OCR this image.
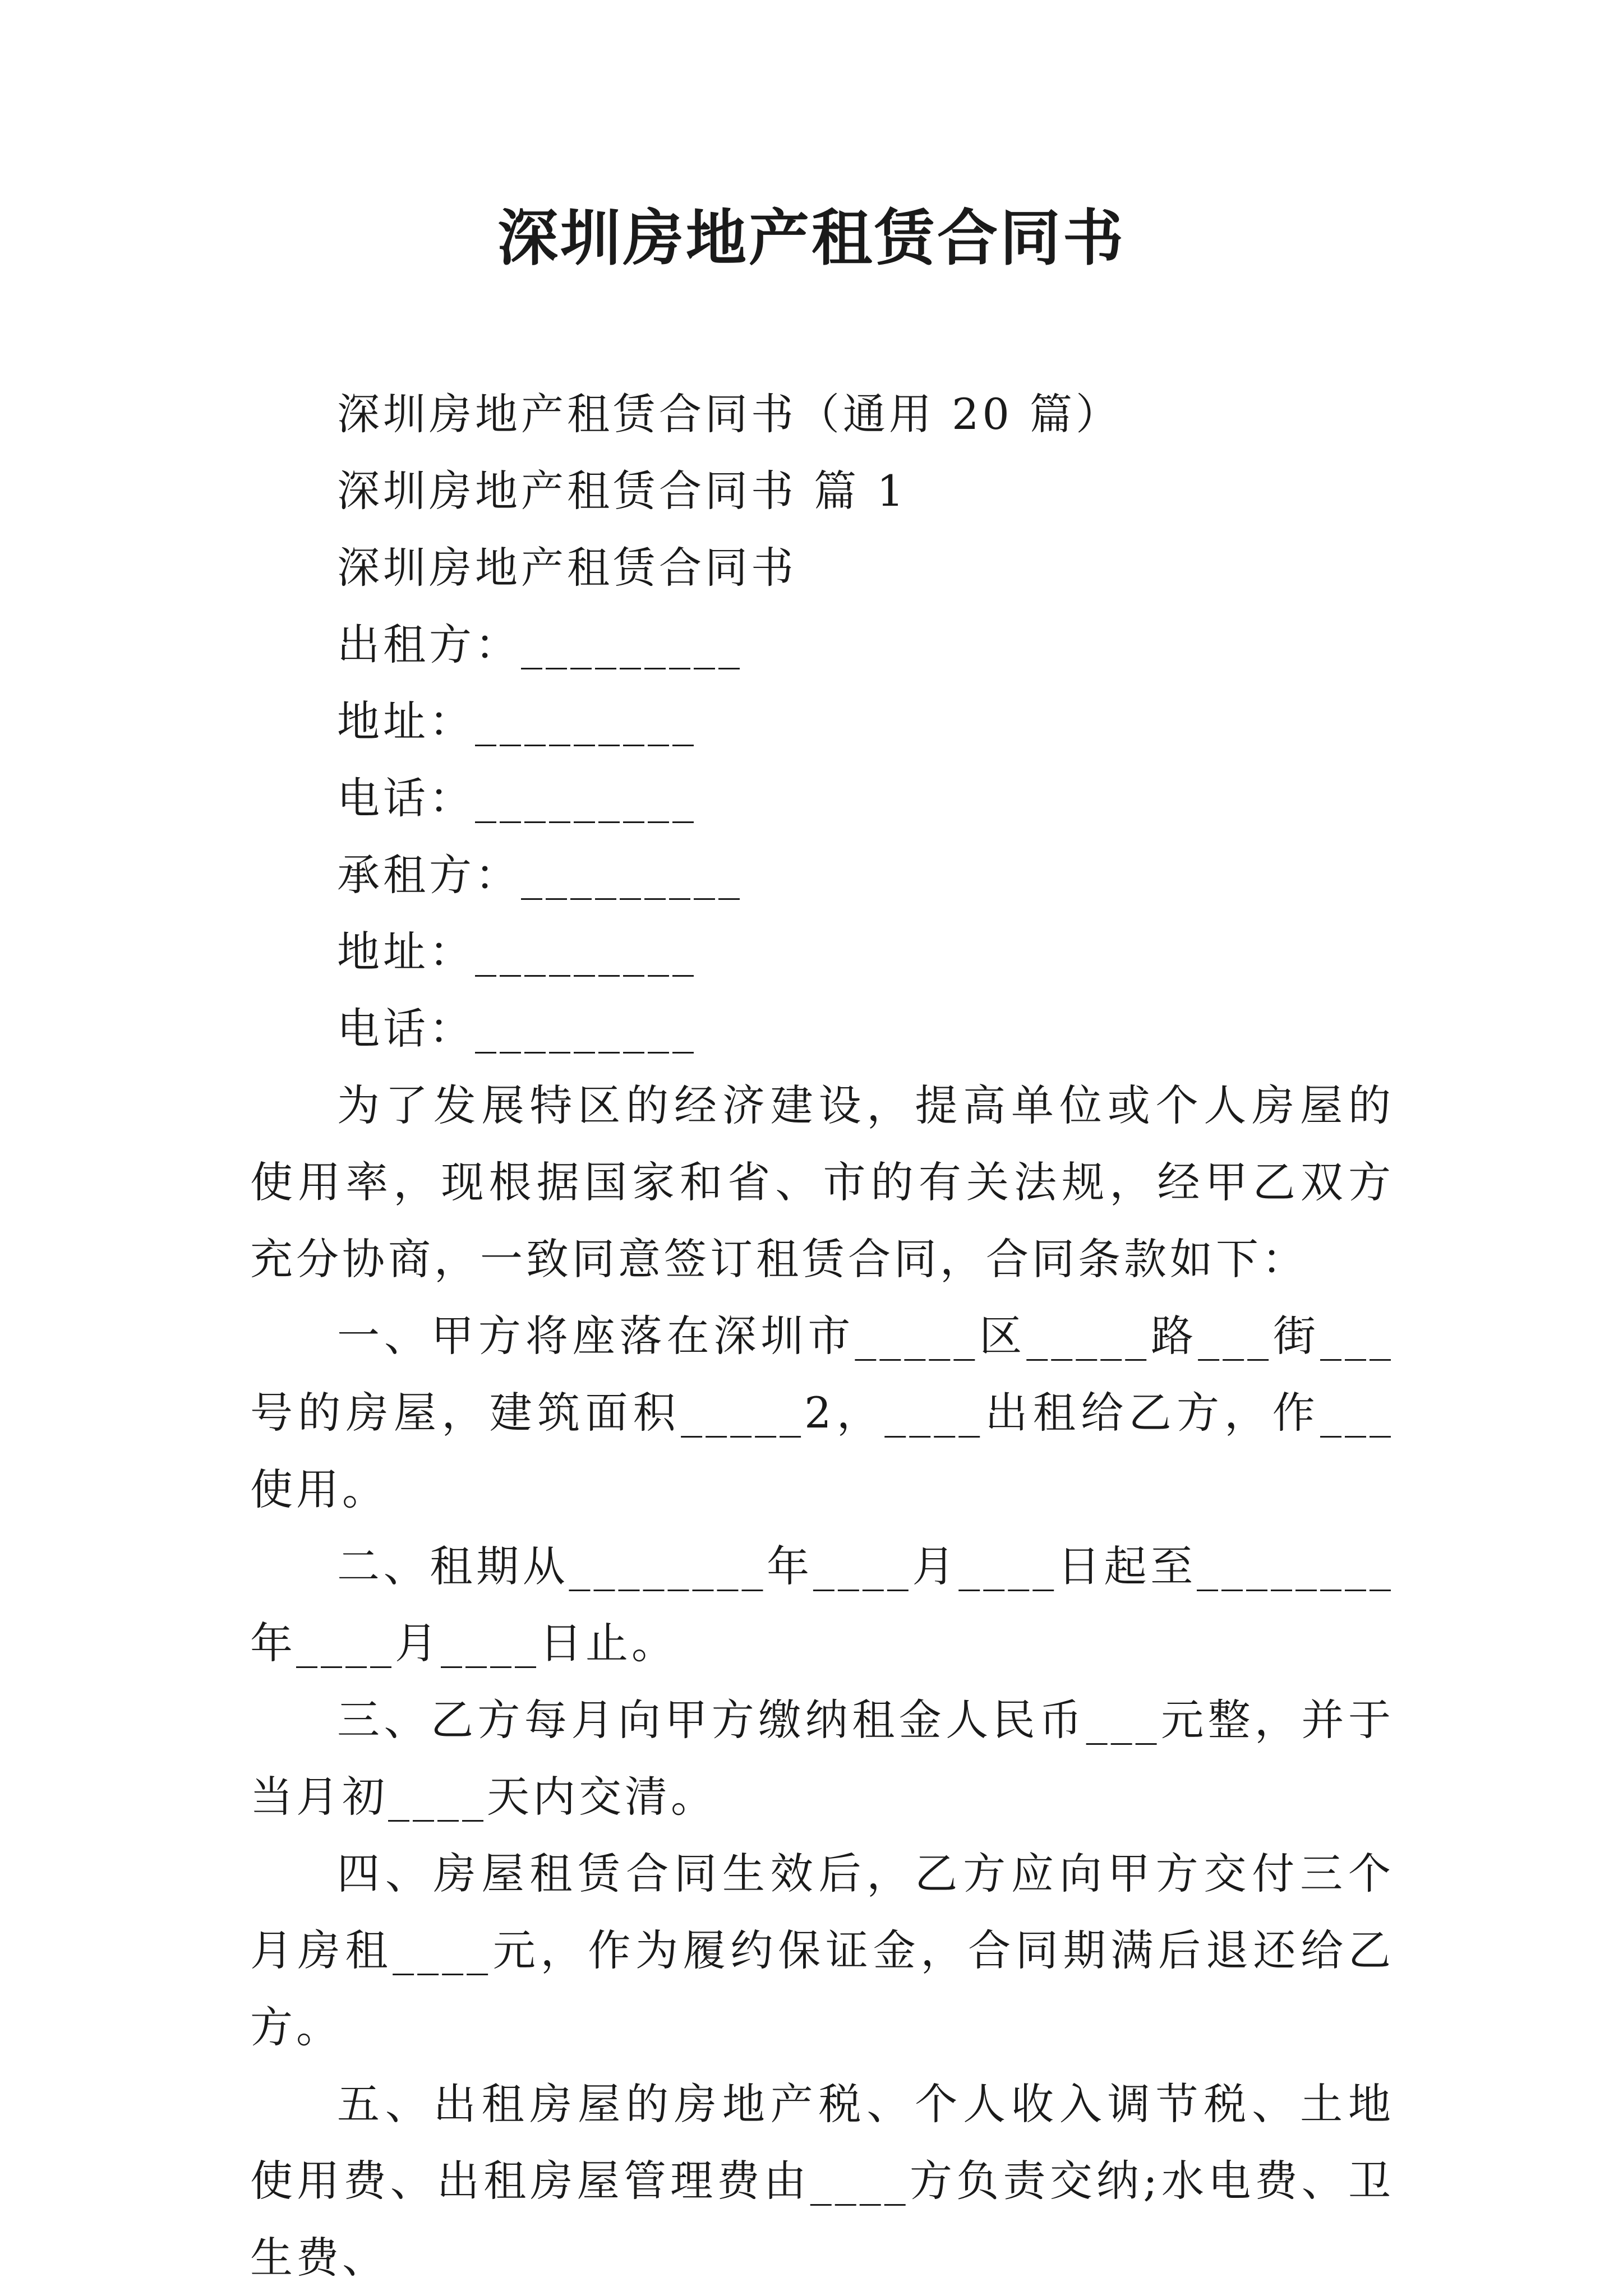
深圳房地产租赁合同书
深圳房地产租赁合同书（通用 20 篇）
深圳房地产租赁合同书 篇 1
深圳房地产租赁合同书
出租方：_________
地址：_________
电话：_________
承租方：_________
地址：_________
电话：_________

为了发展特区的经济建设，提高单位或个人房屋的使用率，现根据国家和省、市的有关法规，经甲乙双方充分协商，一致同意签订租赁合同，合同条款如下：

一、甲方将座落在深圳市_____区_____路___街___号的房屋，建筑面积_____2，____出租给乙方，作___使用。

二、租期从________年____月____日起至________年____月____日止。

三、乙方每月向甲方缴纳租金人民币___元整，并于当月初____天内交清。

四、房屋租赁合同生效后，乙方应向甲方交付三个月房租____元，作为履约保证金，合同期满后退还给乙方。

五、出租房屋的房地产税、个人收入调节税、土地使用费、出租房屋管理费由____方负责交纳;水电费、卫生费、
